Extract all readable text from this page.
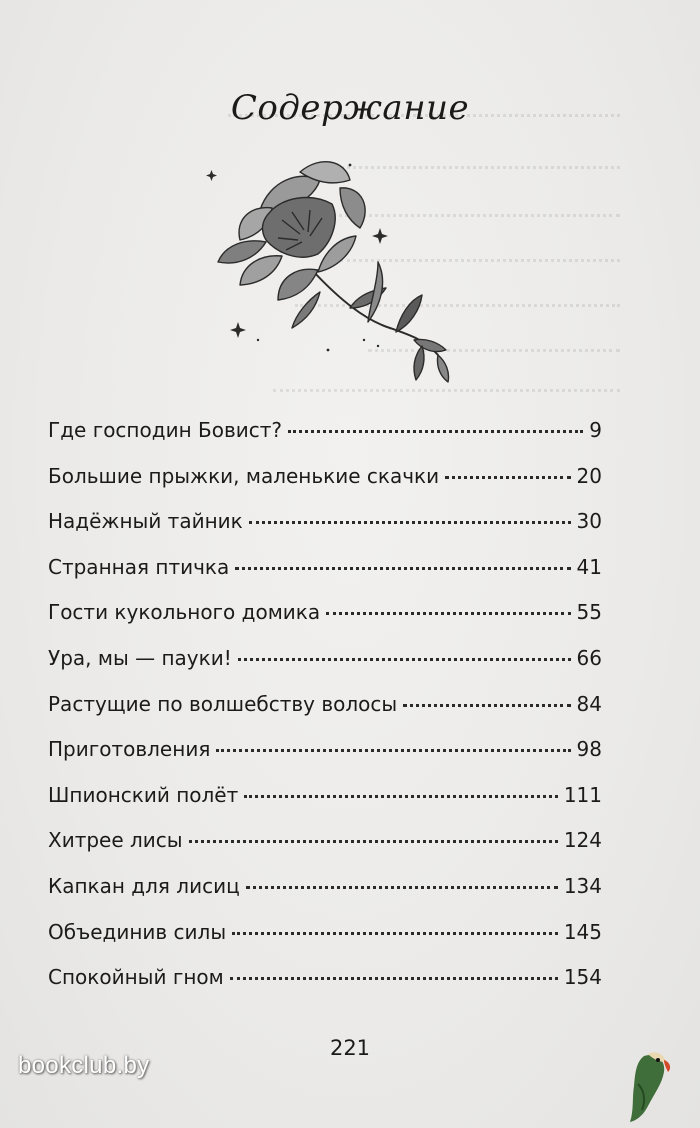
Содержание
Где господин Бовист?	9
Большие прыжки, маленькие скачки	20
Надёжный тайник	30
Странная птичка	41
Гости кукольного домика	55
Ура, мы — пауки!	66
Растущие по волшебству волосы	84
Приготовления	98
Шпионский полёт	111
Хитрее лисы	124
Капкан для лисиц	134
Объединив силы	145
Спокойный гном	154
221
bookclub.by
